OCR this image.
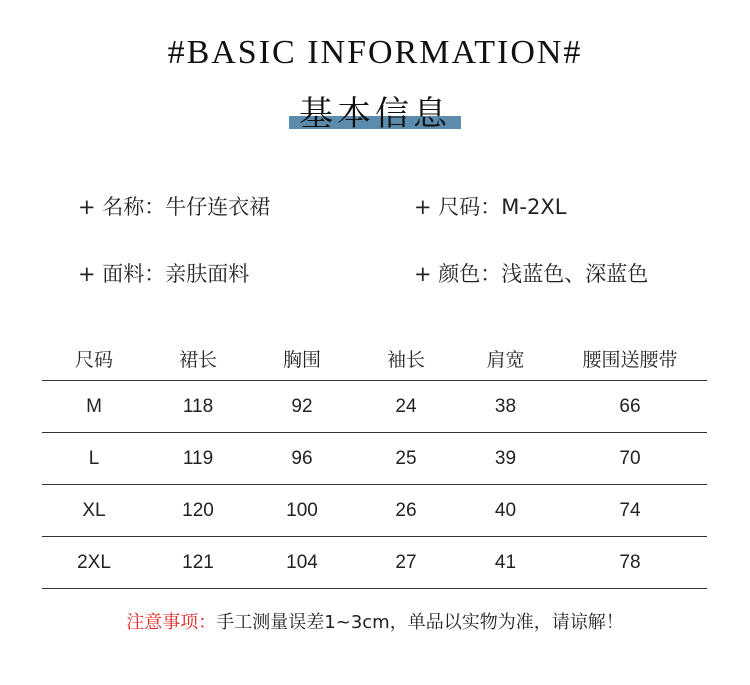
#BASIC INFORMATION#
基本信息
+ 名称：牛仔连衣裙	+ 尺码：M-2XL
+ 面料：亲肤面料	+ 颜色：浅蓝色、深蓝色
尺码	裙长	胸围	袖长	肩宽	腰围送腰带
M	118	92	24	38	66
L	119	96	25	39	70
XL	120	100	26	40	74
2XL	121	104	27	41	78
注意事项：手工测量误差1~3cm，单品以实物为准，请谅解！
